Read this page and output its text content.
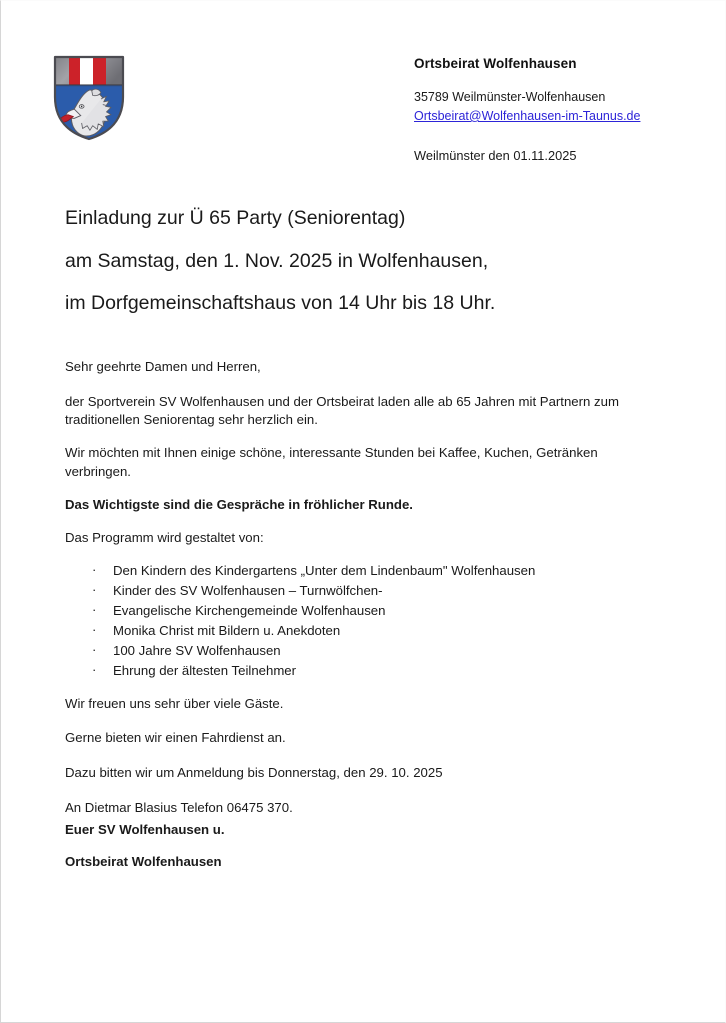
Ortsbeirat Wolfenhausen
35789 Weilmünster-Wolfenhausen
Ortsbeirat@Wolfenhausen-im-Taunus.de
Weilmünster den 01.11.2025
Einladung zur Ü 65 Party (Seniorentag)
am Samstag, den 1. Nov. 2025 in Wolfenhausen,
im Dorfgemeinschaftshaus von 14 Uhr bis 18 Uhr.

Sehr geehrte Damen und Herren,

der Sportverein SV Wolfenhausen und der Ortsbeirat laden alle ab 65 Jahren mit Partnern zum traditionellen Seniorentag sehr herzlich ein.

Wir möchten mit Ihnen einige schöne, interessante Stunden bei Kaffee, Kuchen, Getränken verbringen.

Das Wichtigste sind die Gespräche in fröhlicher Runde.

Das Programm wird gestaltet von:

· Den Kindern des Kindergartens „Unter dem Lindenbaum" Wolfenhausen
· Kinder des SV Wolfenhausen – Turnwölfchen-
· Evangelische Kirchengemeinde Wolfenhausen
· Monika Christ mit Bildern u. Anekdoten
· 100 Jahre SV Wolfenhausen
· Ehrung der ältesten Teilnehmer

Wir freuen uns sehr über viele Gäste.

Gerne bieten wir einen Fahrdienst an.

Dazu bitten wir um Anmeldung bis Donnerstag, den 29. 10. 2025

An Dietmar Blasius Telefon 06475 370.

Euer SV Wolfenhausen u.
Ortsbeirat Wolfenhausen
